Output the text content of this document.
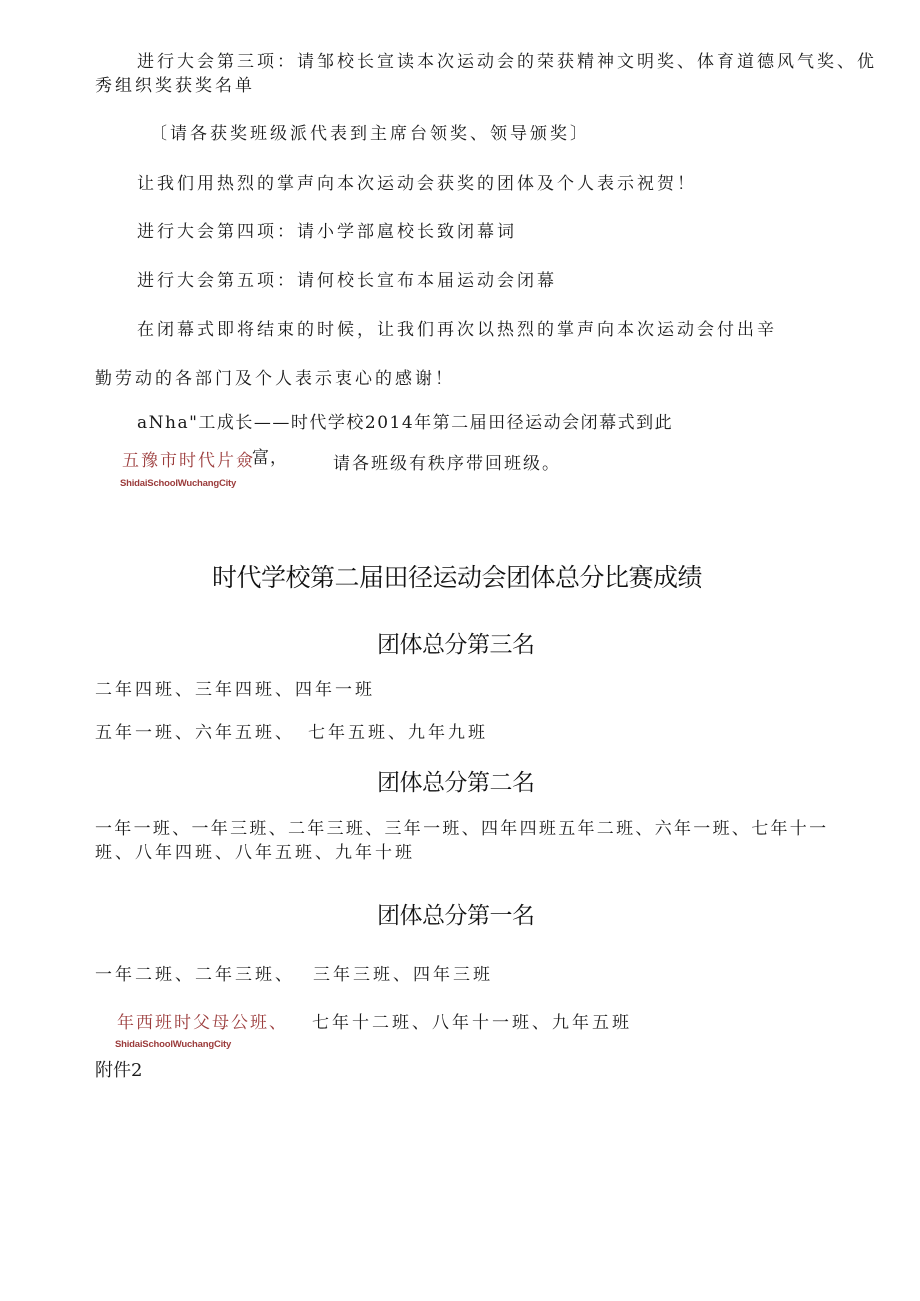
进行大会第三项：请邹校长宣读本次运动会的荣获精神文明奖、体育道德风气奖、优
秀组织奖获奖名单
〔请各获奖班级派代表到主席台领奖、领导颁奖〕
让我们用热烈的掌声向本次运动会获奖的团体及个人表示祝贺！
进行大会第四项：请小学部扈校长致闭幕词
进行大会第五项：请何校长宣布本届运动会闭幕
在闭幕式即将结束的时候，让我们再次以热烈的掌声向本次运动会付出辛
勤劳动的各部门及个人表示衷心的感谢！
aNha"工成长——时代学校2014年第二届田径运动会闭幕式到此
五豫市时代片僉
富，	请各班级有秩序带回班级。
ShidaiSchoolWuchangCity
时代学校第二届田径运动会团体总分比赛成绩
团体总分第三名
二年四班、三年四班、四年一班
五年一班、六年五班、 七年五班、九年九班
团体总分第二名
一年一班、一年三班、二年三班、三年一班、四年四班五年二班、六年一班、七年十一
班、八年四班、八年五班、九年十班
团体总分第一名
一年二班、二年三班、 三年三班、四年三班
年西班时父母公班、 七年十二班、八年十一班、九年五班
ShidaiSchoolWuchangCity
附件2
